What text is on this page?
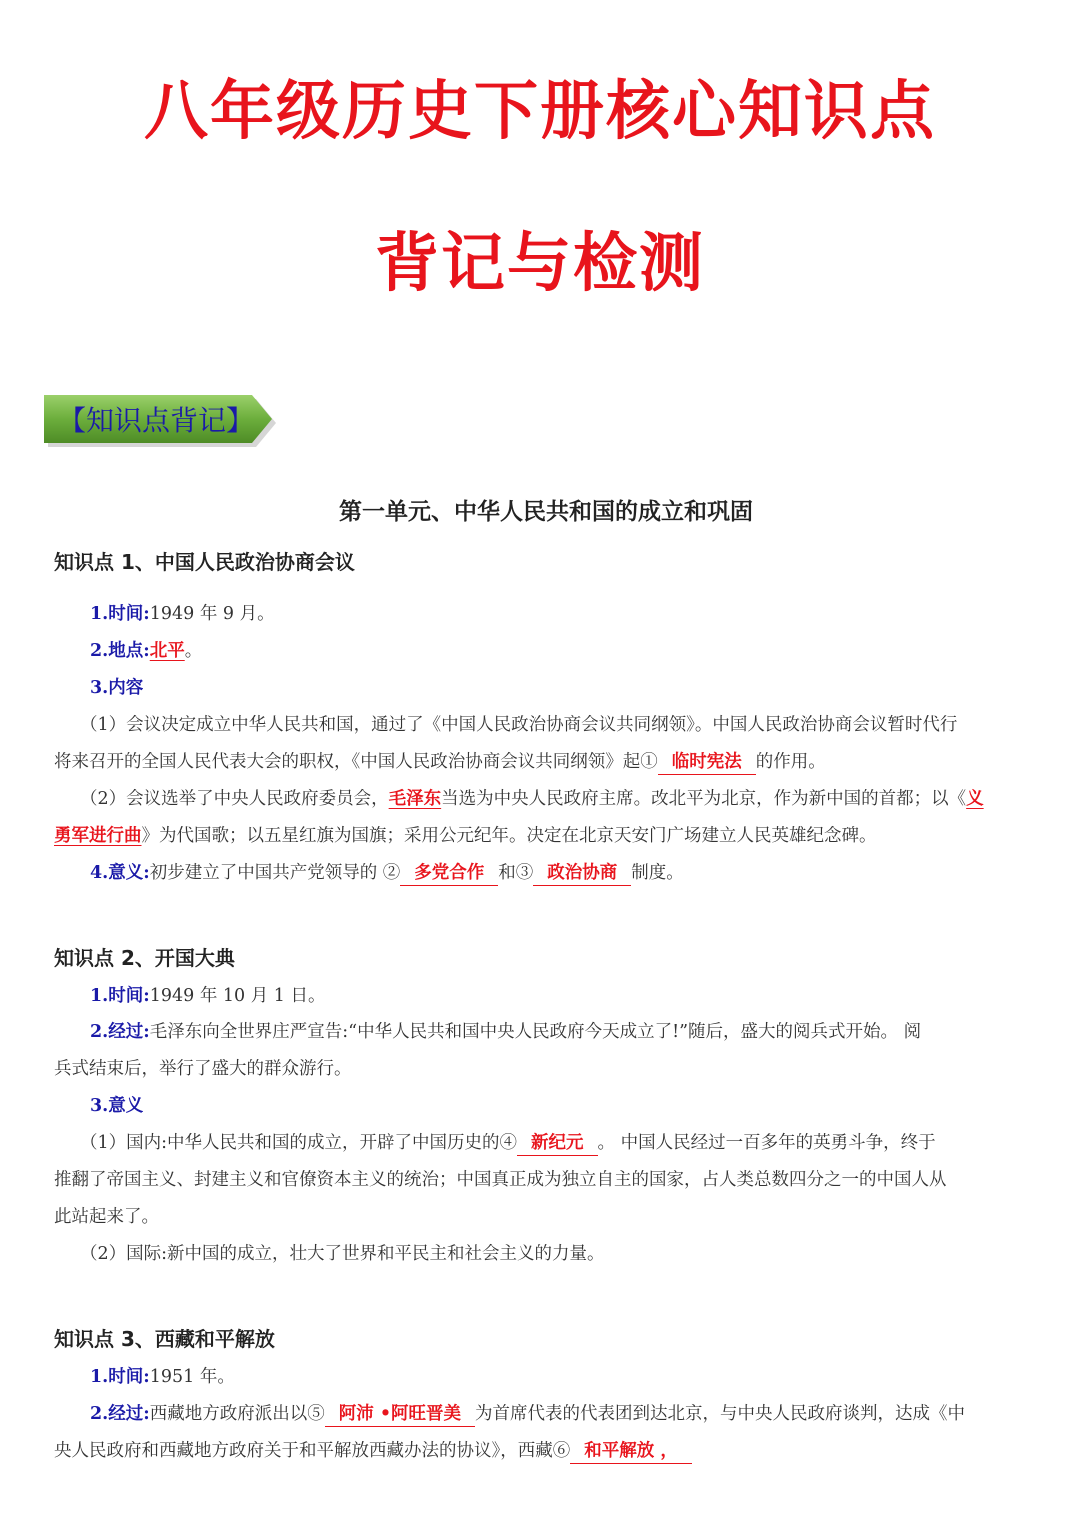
八年级历史下册核心知识点
背记与检测
【知识点背记】
第一单元、中华人民共和国的成立和巩固
知识点 1、中国人民政治协商会议
1.时间:1949 年 9 月。
2.地点:北平。
3.内容
（1）会议决定成立中华人民共和国，通过了《中国人民政治协商会议共同纲领》。中国人民政治协商会议暂时代行
将来召开的全国人民代表大会的职权，《中国人民政治协商会议共同纲领》起① 临时宪法 的作用。
（2）会议选举了中央人民政府委员会，毛泽东当选为中央人民政府主席。改北平为北京，作为新中国的首都；以《义
勇军进行曲》为代国歌；以五星红旗为国旗；采用公元纪年。决定在北京天安门广场建立人民英雄纪念碑。
4.意义:初步建立了中国共产党领导的 ② 多党合作 和③ 政治协商 制度。
知识点 2、开国大典
1.时间:1949 年 10 月 1 日。
2.经过:毛泽东向全世界庄严宣告:“中华人民共和国中央人民政府今天成立了!”随后，盛大的阅兵式开始。 阅
兵式结束后，举行了盛大的群众游行。
3.意义
（1）国内:中华人民共和国的成立，开辟了中国历史的④ 新纪元 。 中国人民经过一百多年的英勇斗争，终于
推翻了帝国主义、封建主义和官僚资本主义的统治；中国真正成为独立自主的国家，占人类总数四分之一的中国人从
此站起来了。
（2）国际:新中国的成立，壮大了世界和平民主和社会主义的力量。
知识点 3、西藏和平解放
1.时间:1951 年。
2.经过:西藏地方政府派出以⑤ 阿沛 •阿旺晋美 为首席代表的代表团到达北京，与中央人民政府谈判，达成《中
央人民政府和西藏地方政府关于和平解放西藏办法的协议》，西藏⑥ 和平解放 ，
